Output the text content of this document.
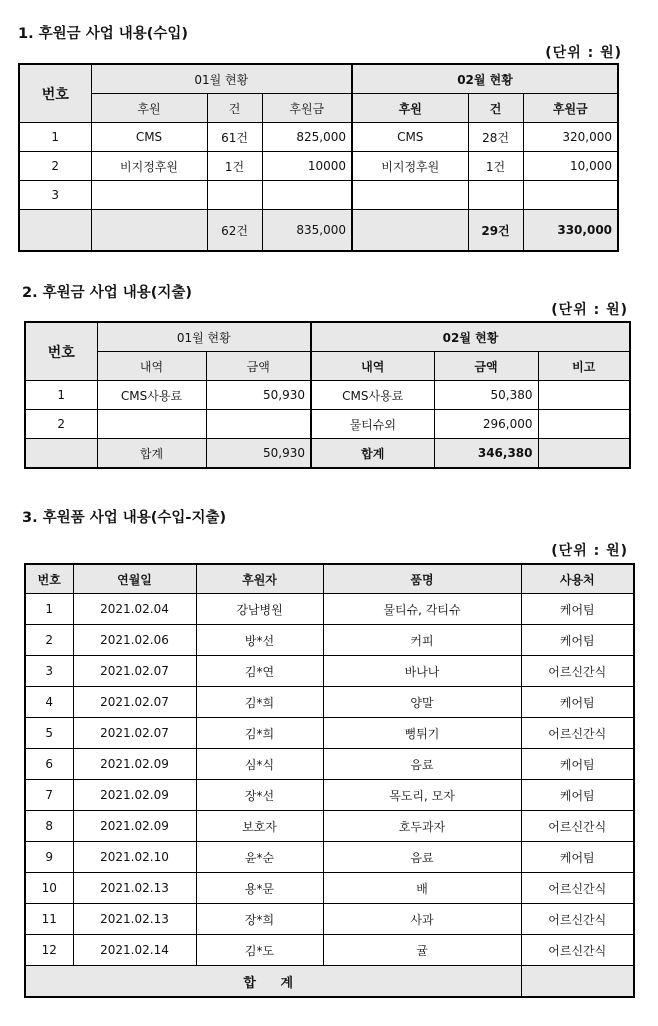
1. 후원금 사업 내용(수입)
(단위 : 원)
번호	01월 현황			02월 현황		
	후원	건	후원금	후원	건	후원금
1	CMS	61건	825,000	CMS	28건	320,000
2	비지정후원	1건	10000	비지정후원	1건	10,000
3						
		62건	835,000		29건	330,000
2. 후원금 사업 내용(지출)
(단위 : 원)
번호	01월 현황		02월 현황		
	내역	금액	내역	금액	비고
1	CMS사용료	50,930	CMS사용료	50,380	
2			물티슈외	296,000	
	합계	50,930	합계	346,380	
3. 후원품 사업 내용(수입-지출)
(단위 : 원)
번호	연월일	후원자	품명	사용처
1	2021.02.04	강남병원	물티슈, 각티슈	케어팀
2	2021.02.06	방*선	커피	케어팀
3	2021.02.07	김*연	바나나	어르신간식
4	2021.02.07	김*희	양말	케어팀
5	2021.02.07	김*희	뻥튀기	어르신간식
6	2021.02.09	심*식	음료	케어팀
7	2021.02.09	장*선	목도리, 모자	케어팀
8	2021.02.09	보호자	호두과자	어르신간식
9	2021.02.10	윤*순	음료	케어팀
10	2021.02.13	용*문	배	어르신간식
11	2021.02.13	장*희	사과	어르신간식
12	2021.02.14	김*도	귤	어르신간식
합 계				
